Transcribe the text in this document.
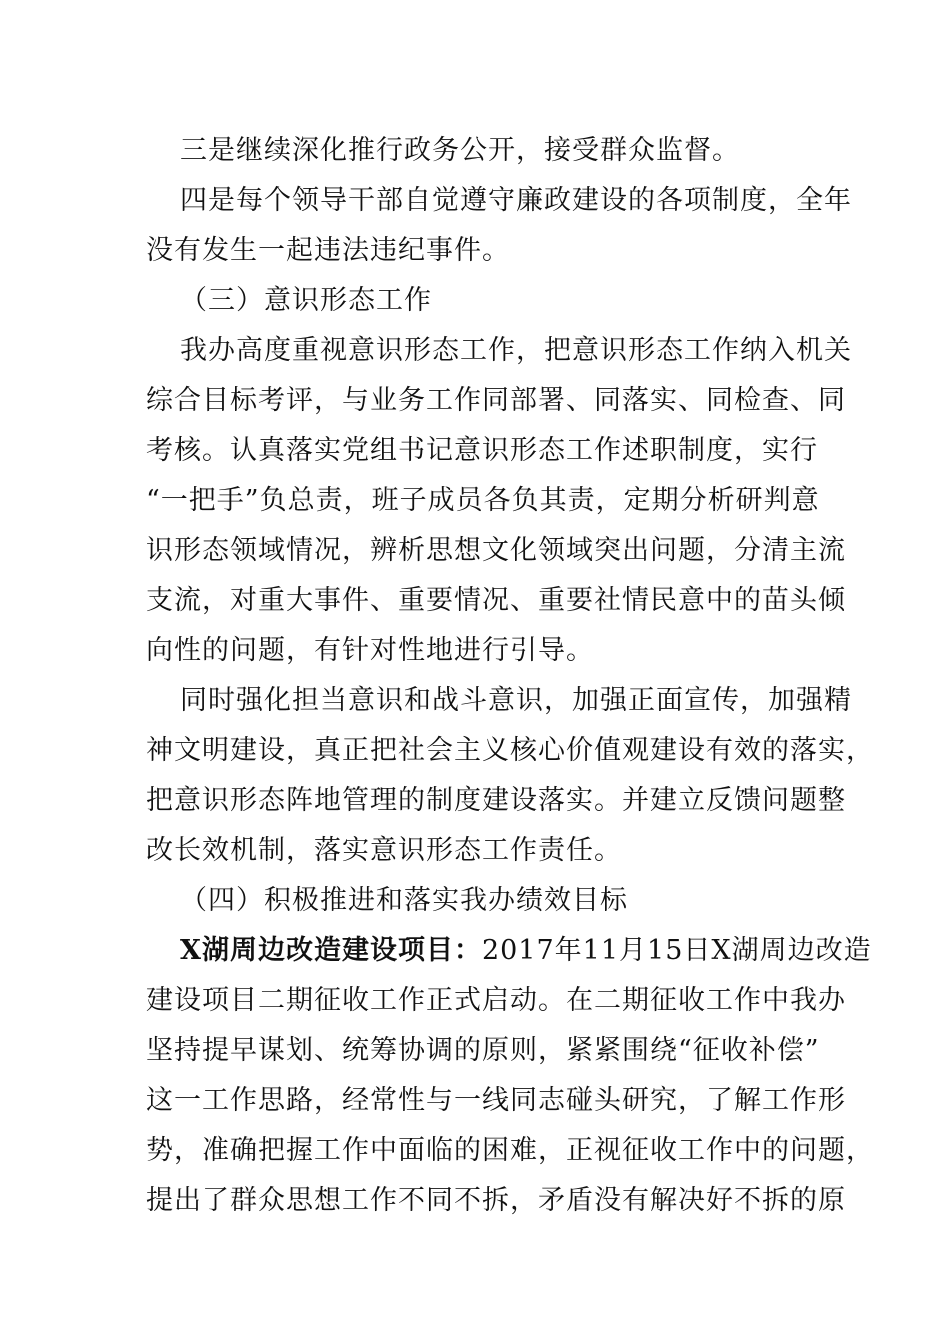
三是继续深化推行政务公开，接受群众监督。
四是每个领导干部自觉遵守廉政建设的各项制度，全年
没有发生一起违法违纪事件。
（三）意识形态工作
我办高度重视意识形态工作，把意识形态工作纳入机关
综合目标考评，与业务工作同部署、同落实、同检查、同
考核。认真落实党组书记意识形态工作述职制度，实行
“一把手”负总责，班子成员各负其责，定期分析研判意
识形态领域情况，辨析思想文化领域突出问题，分清主流
支流，对重大事件、重要情况、重要社情民意中的苗头倾
向性的问题，有针对性地进行引导。
同时强化担当意识和战斗意识，加强正面宣传，加强精
神文明建设，真正把社会主义核心价值观建设有效的落实，
把意识形态阵地管理的制度建设落实。并建立反馈问题整
改长效机制，落实意识形态工作责任。
（四）积极推进和落实我办绩效目标
X湖周边改造建设项目：2017年11月15日X湖周边改造
建设项目二期征收工作正式启动。在二期征收工作中我办
坚持提早谋划、统筹协调的原则，紧紧围绕“征收补偿”
这一工作思路，经常性与一线同志碰头研究，了解工作形
势，准确把握工作中面临的困难，正视征收工作中的问题，
提出了群众思想工作不同不拆，矛盾没有解决好不拆的原
